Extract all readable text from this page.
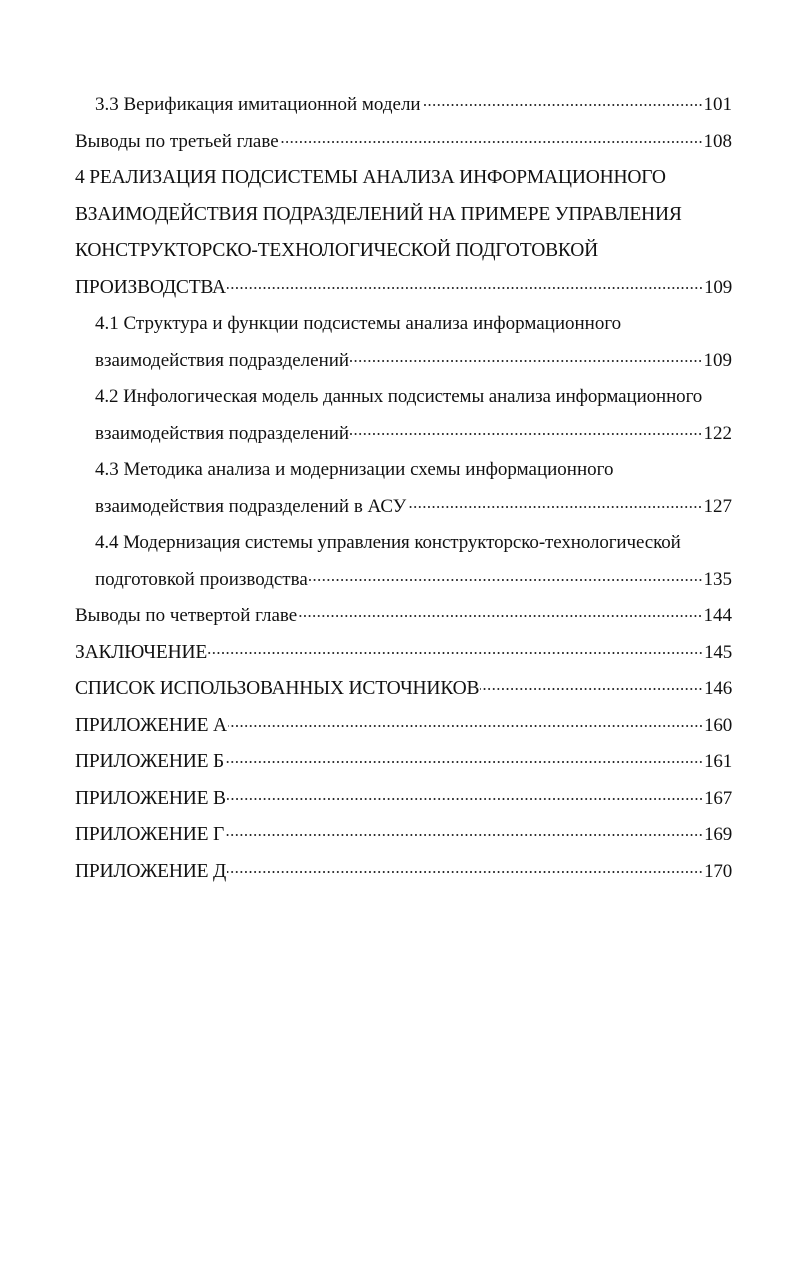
3.3 Верификация имитационной модели	101
Выводы по третьей главе	108
4 РЕАЛИЗАЦИЯ ПОДСИСТЕМЫ АНАЛИЗА ИНФОРМАЦИОННОГО
ВЗАИМОДЕЙСТВИЯ ПОДРАЗДЕЛЕНИЙ НА ПРИМЕРЕ УПРАВЛЕНИЯ
КОНСТРУКТОРСКО-ТЕХНОЛОГИЧЕСКОЙ ПОДГОТОВКОЙ
ПРОИЗВОДСТВА	109
4.1 Структура и функции подсистемы анализа информационного
взаимодействия подразделений	109
4.2 Инфологическая модель данных подсистемы анализа информационного
взаимодействия подразделений	122
4.3 Методика анализа и модернизации схемы информационного
взаимодействия подразделений в АСУ	127
4.4 Модернизация системы управления конструкторско-технологической
подготовкой производства	135
Выводы по четвертой главе	144
ЗАКЛЮЧЕНИЕ	145
СПИСОК ИСПОЛЬЗОВАННЫХ ИСТОЧНИКОВ	146
ПРИЛОЖЕНИЕ А	160
ПРИЛОЖЕНИЕ Б	161
ПРИЛОЖЕНИЕ В	167
ПРИЛОЖЕНИЕ Г	169
ПРИЛОЖЕНИЕ Д	170
